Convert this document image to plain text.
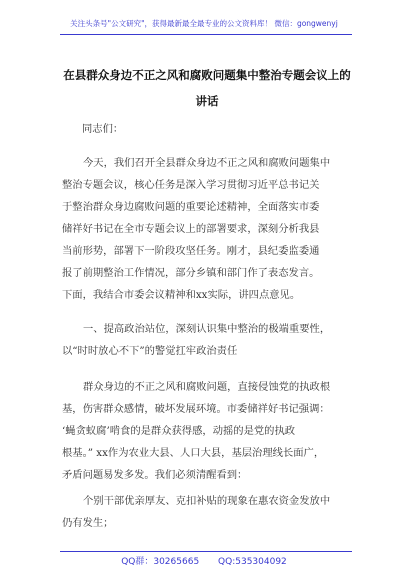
关注头条号"公文研究"，获得最新最全最专业的公文资料库！ 微信：gongwenyj
在县群众身边不正之风和腐败问题集中整治专题会议上的
讲话
同志们：
今天，我们召开全县群众身边不正之风和腐败问题集中
整治专题会议，核心任务是深入学习贯彻习近平总书记关
于整治群众身边腐败问题的重要论述精神，全面落实市委
储祥好书记在全市专题会议上的部署要求，深刻分析我县
当前形势，部署下一阶段攻坚任务。刚才，县纪委监委通
报了前期整治工作情况，部分乡镇和部门作了表态发言。
下面，我结合市委会议精神和xx实际，讲四点意见。
一、提高政治站位，深刻认识集中整治的极端重要性，
以“时时放心不下”的警觉扛牢政治责任
群众身边的不正之风和腐败问题，直接侵蚀党的执政根
基，伤害群众感情，破坏发展环境。市委储祥好书记强调：
‘蝇贪蚁腐’啃食的是群众获得感，动摇的是党的执政
根基。” xx作为农业大县、人口大县，基层治理线长面广，
矛盾问题易发多发。我们必须清醒看到：
个别干部优亲厚友、克扣补贴的现象在惠农资金发放中
仍有发生；
QQ群：30265665 QQ:535304092
